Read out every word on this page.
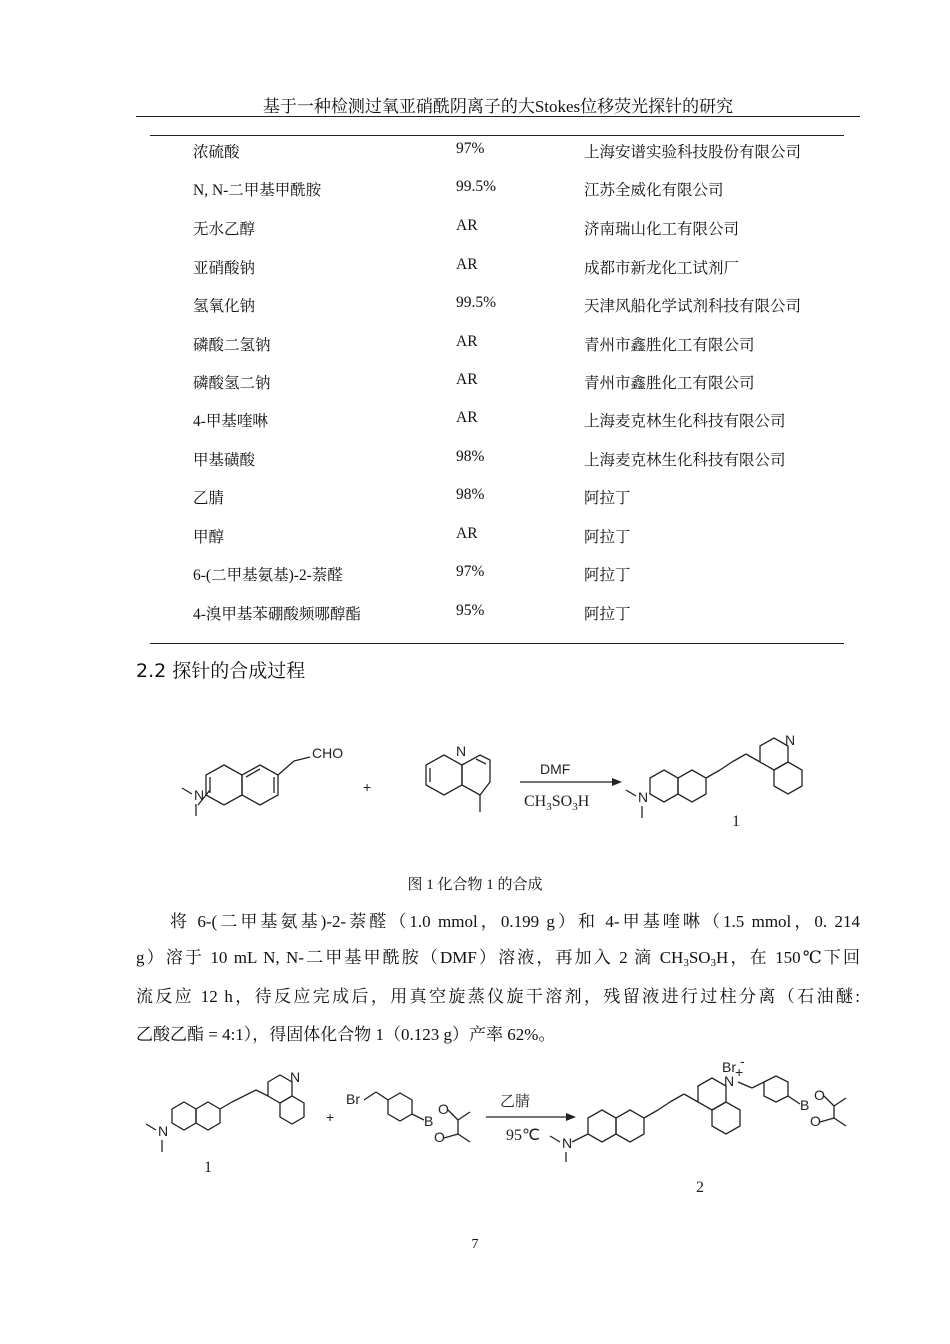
基于一种检测过氧亚硝酰阴离子的大Stokes位移荧光探针的研究
浓硫酸	97%	上海安谱实验科技股份有限公司
N, N-二甲基甲酰胺	99.5%	江苏全威化有限公司
无水乙醇	AR	济南瑞山化工有限公司
亚硝酸钠	AR	成都市新龙化工试剂厂
氢氧化钠	99.5%	天津风船化学试剂科技有限公司
磷酸二氢钠	AR	青州市鑫胜化工有限公司
磷酸氢二钠	AR	青州市鑫胜化工有限公司
4-甲基喹啉	AR	上海麦克林生化科技有限公司
甲基磺酸	98%	上海麦克林生化科技有限公司
乙腈	98%	阿拉丁
甲醇	AR	阿拉丁
6-(二甲基氨基)-2-萘醛	97%	阿拉丁
4-溴甲基苯硼酸频哪醇酯	95%	阿拉丁
2.2 探针的合成过程
N
CHO
+
N
DMF
$CH_3SO_3H$
N
N
1
图 1 化合物 1 的合成
将 6-(二甲基氨基)-2-萘醛（1.0 mmol，0.199 g）和 4-甲基喹啉（1.5 mmol，0. 214
g）溶于 10 mL N, N-二甲基甲酰胺（DMF）溶液，再加入 2 滴 $CH_3SO_3H$，在 150℃下回
流反应 12 h，待反应完成后，用真空旋蒸仪旋干溶剂，残留液进行过柱分离（石油醚:
乙酸乙酯 = 4:1），得固体化合物 1（0.123 g）产率 62%。
N
N
1
+
Br
B
O
O
乙腈
95℃
N
+
Br -
B
O
O
N
2
7
